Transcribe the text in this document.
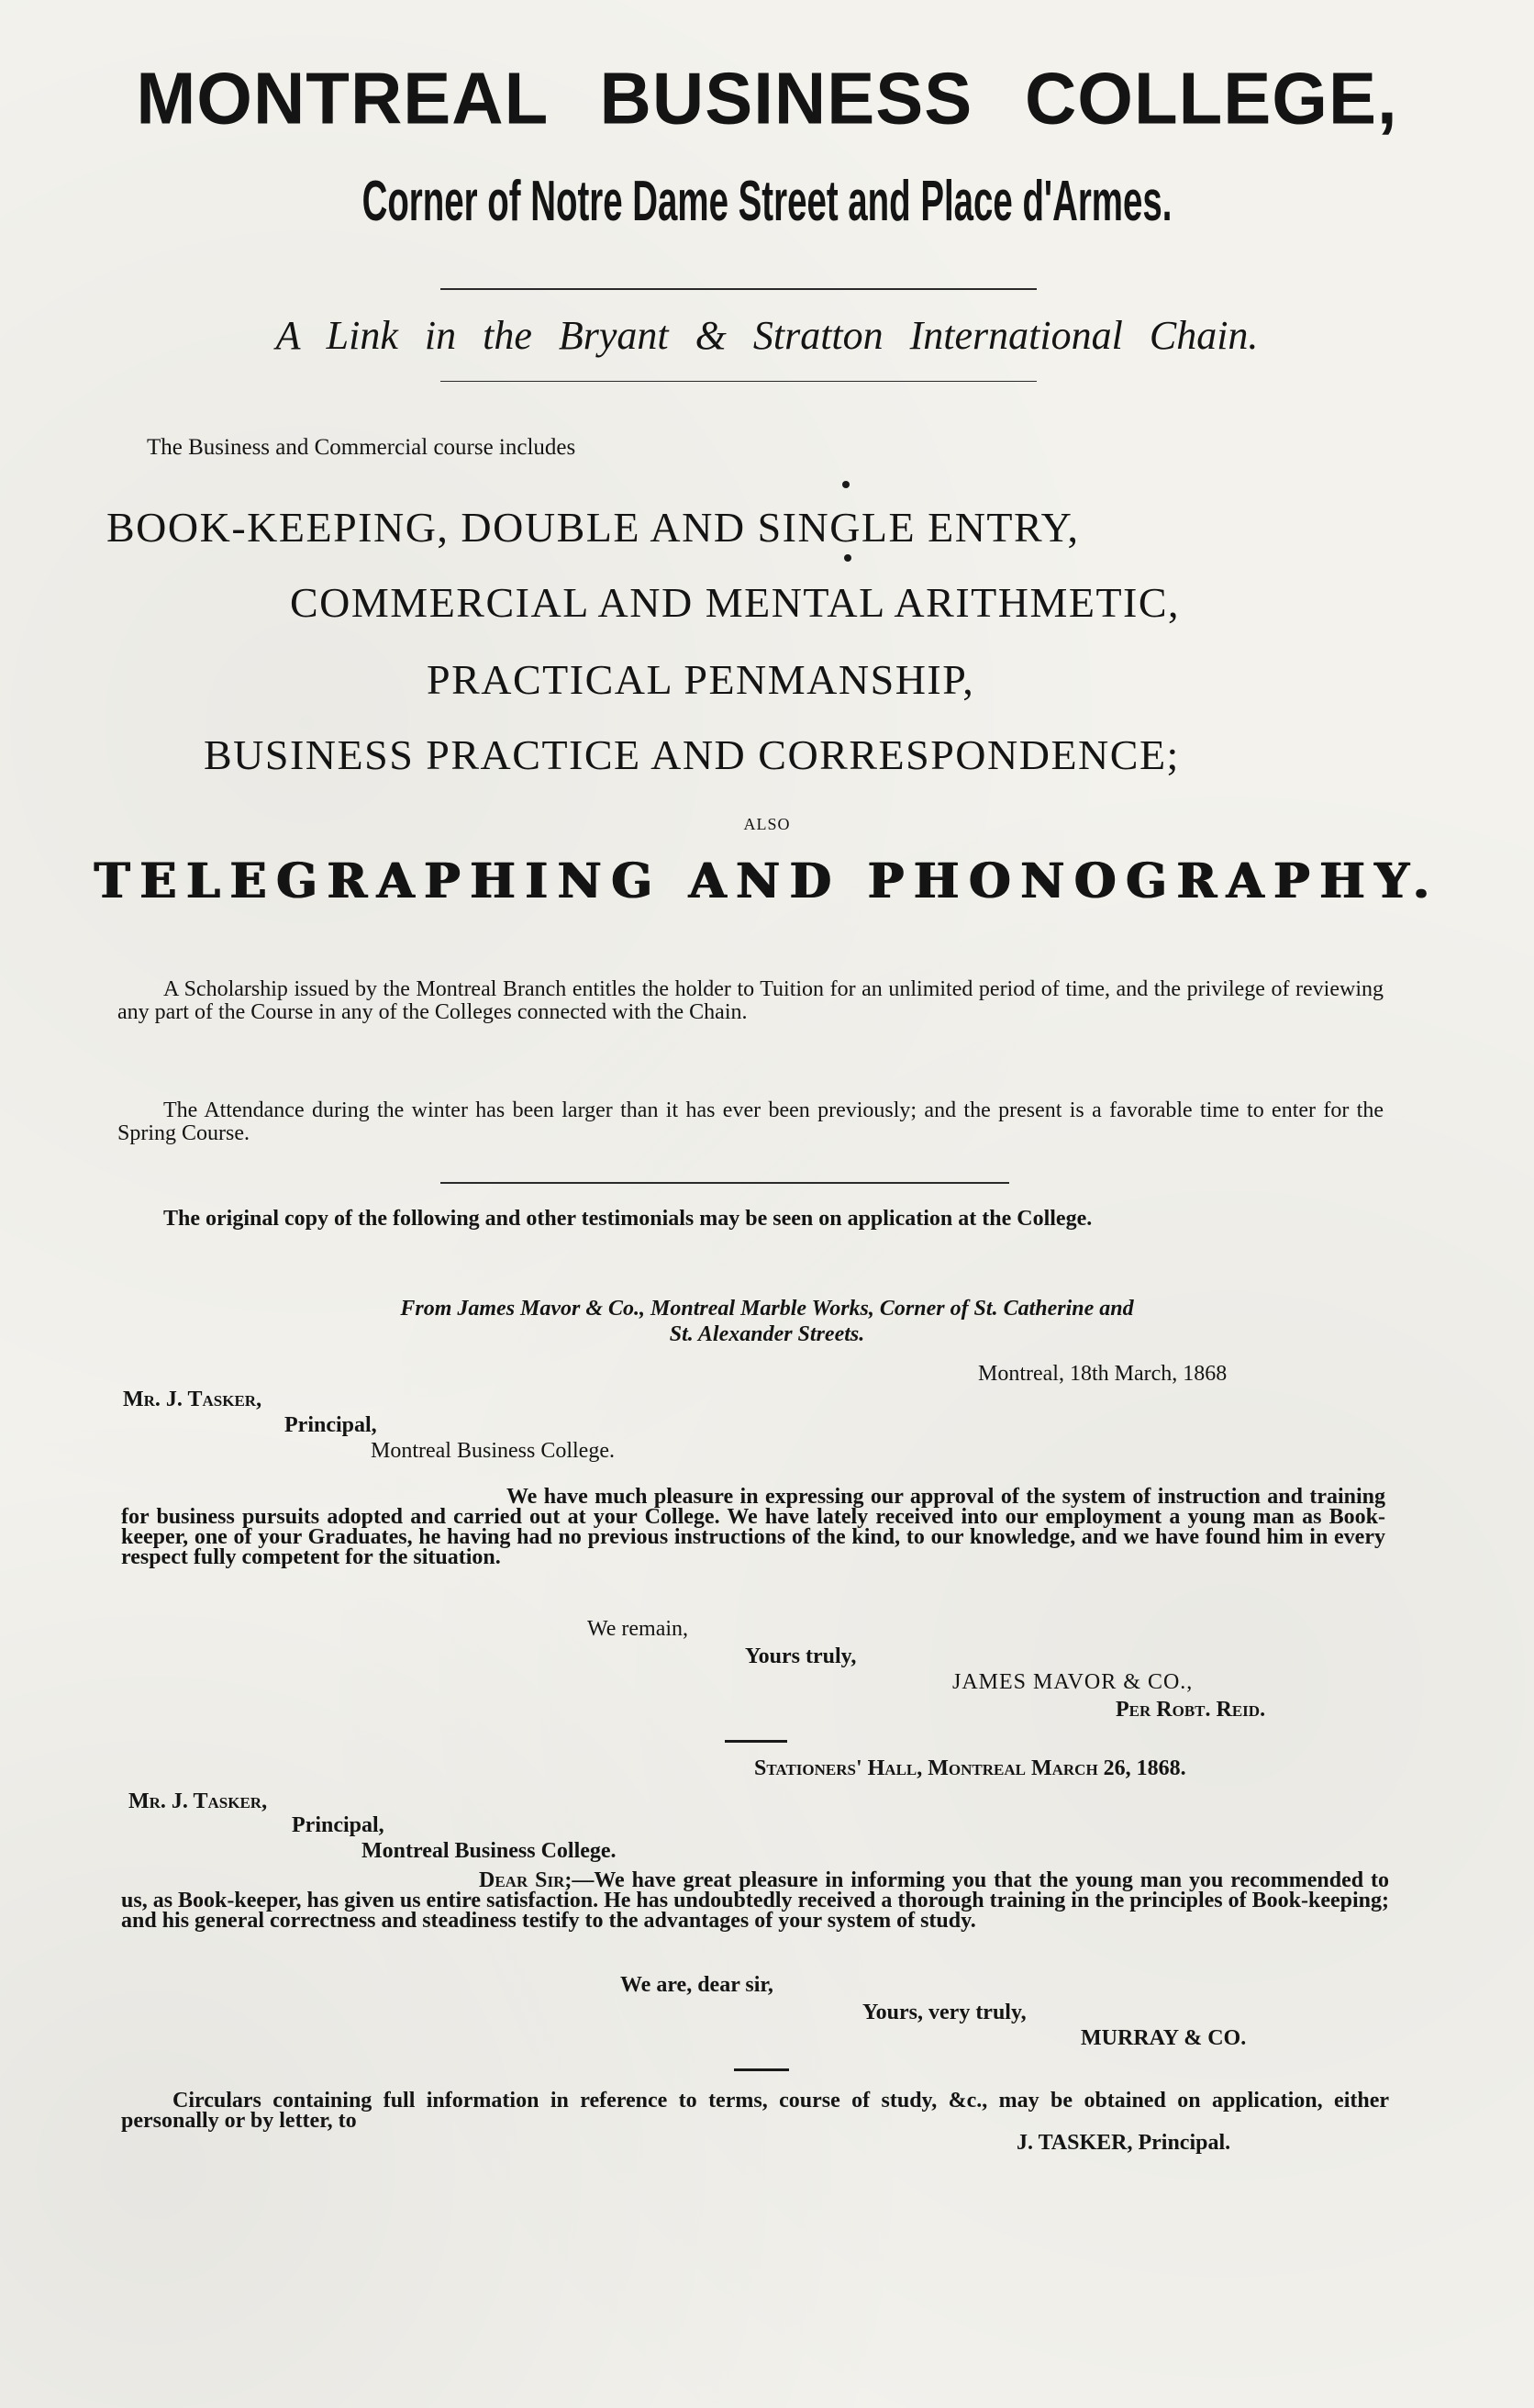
MONTREAL BUSINESS COLLEGE,
Corner of Notre Dame Street and Place d'Armes.
A Link in the Bryant & Stratton International Chain.
The Business and Commercial course includes
BOOK-KEEPING, DOUBLE AND SINGLE ENTRY,
COMMERCIAL AND MENTAL ARITHMETIC,
PRACTICAL PENMANSHIP,
BUSINESS PRACTICE AND CORRESPONDENCE;
ALSO
TELEGRAPHING AND PHONOGRAPHY.
A Scholarship issued by the Montreal Branch entitles the holder to Tuition for an unlimited period of time, and the privilege of reviewing any part of the Course in any of the Colleges connected with the Chain.
The Attendance during the winter has been larger than it has ever been previously; and the present is a favorable time to enter for the Spring Course.
The original copy of the following and other testimonials may be seen on application at the College.
From James Mavor & Co., Montreal Marble Works, Corner of St. Catherine and
St. Alexander Streets.
Montreal, 18th March, 1868
Mr. J. Tasker,
Principal,
Montreal Business College.
We have much pleasure in expressing our approval of the system of instruction and training for business pursuits adopted and carried out at your College. We have lately received into our employment a young man as Book-keeper, one of your Graduates, he having had no previous instructions of the kind, to our knowledge, and we have found him in every respect fully competent for the situation.
We remain,
Yours truly,
JAMES MAVOR & CO.,
Per Robt. Reid.
Stationers' Hall, Montreal March 26, 1868.
Mr. J. Tasker,
Principal,
Montreal Business College.
Dear Sir;—We have great pleasure in informing you that the young man you recommended to us, as Book-keeper, has given us entire satisfaction. He has undoubtedly received a thorough training in the principles of Book-keeping; and his general correctness and steadiness testify to the advantages of your system of study.
We are, dear sir,
Yours, very truly,
MURRAY & CO.
Circulars containing full information in reference to terms, course of study, &c., may be obtained on application, either personally or by letter, to
J. TASKER, Principal.
